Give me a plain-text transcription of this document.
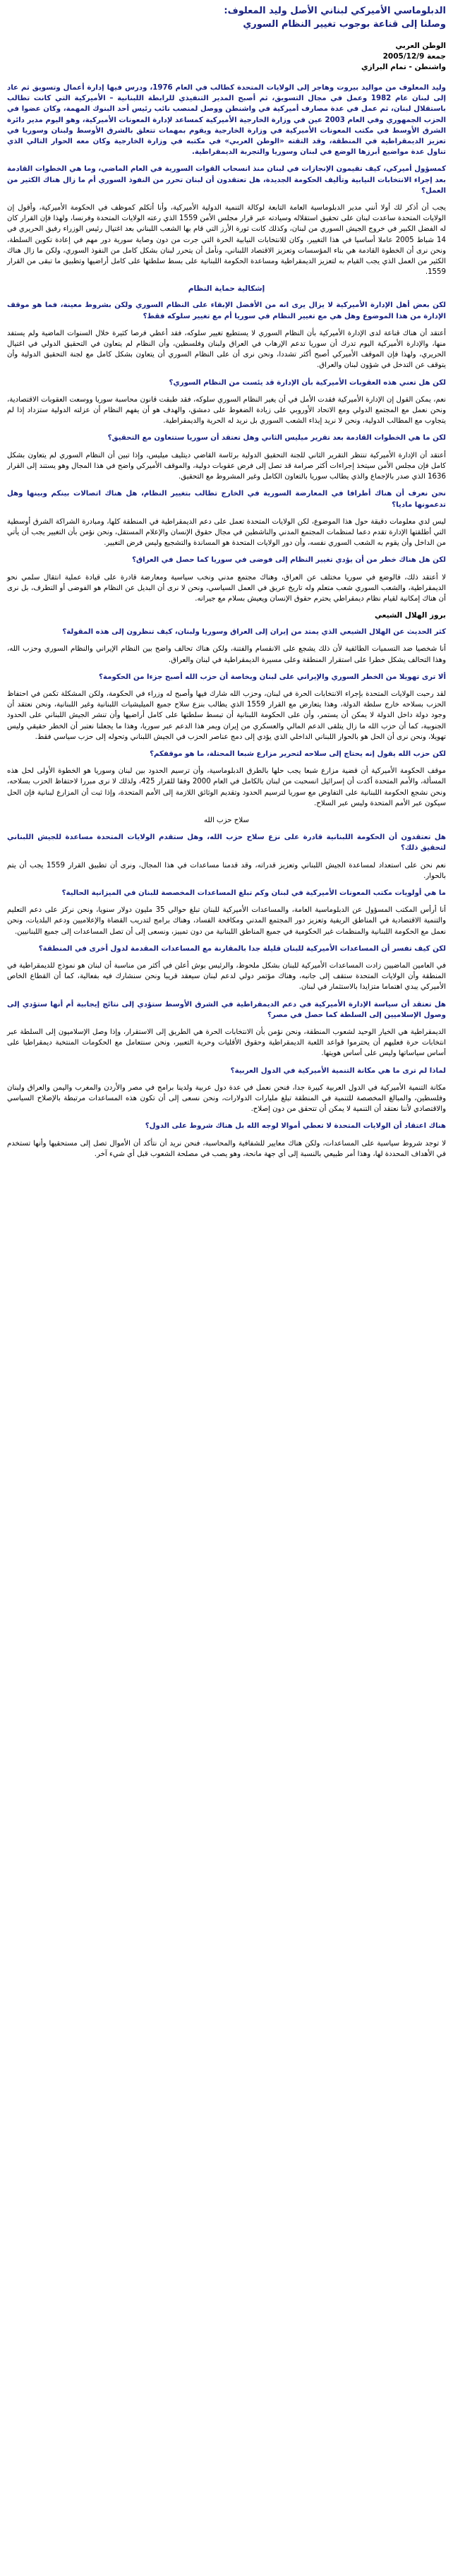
الدبلوماسي الأميركي لبناني الأصل وليد المعلوف:

وصلنا إلى قناعة بوجوب تغيير النظام السوري

الوطن العربي

جمعة 2005/12/9

واشنطن - تمام البرازي

وليد المعلوف من مواليد بيروت وهاجر إلى الولايات المتحدة كطالب في العام 1976، ودرس فيها إدارة أعمال وتسويق ثم عاد إلى لبنان عام 1982 وعمل في مجال التسويق، ثم أصبح المدير التنفيذي للرابطة اللبنانية – الأميركية التي كانت تطالب باستقلال لبنان، ثم عمل في عدة مصارف أميركية في واشنطن ووصل لمنصب نائب رئيس أحد البنوك المهمة، وكان عضوا في الحزب الجمهوري وفي العام 2003 عين في وزارة الخارجية الأميركية كمساعد لإدارة المعونات الأميركية، وهو اليوم مدير دائرة الشرق الأوسط في مكتب المعونات الأميركية في وزارة الخارجية ويقوم بمهمات تتعلق بالشرق الأوسط ولبنان وسوريا في تعزيز الديمقراطية في المنطقة، وقد التقته «الوطن العربي» في مكتبه في وزارة الخارجية وكان معه الحوار التالي الذي تناول عدة مواضيع أبرزها الوضع في لبنان وسوريا والتجربة الديمقراطية.

كمسؤول أميركي، كيف تقيمون الإنجازات في لبنان منذ انسحاب القوات السورية في العام الماضي، وما هي الخطوات القادمة بعد إجراء الانتخابات النيابية وتأليف الحكومة الجديدة، هل تعتقدون أن لبنان تحرر من النفوذ السوري أم ما زال هناك الكثير من العمل؟

يجب أن أذكر لك أولا أنني مدير الدبلوماسية العامة التابعة لوكالة التنمية الدولية الأميركية، وأنا أتكلم كموظف في الحكومة الأميركية، وأقول إن الولايات المتحدة ساعدت لبنان على تحقيق استقلاله وسيادته عبر قرار مجلس الأمن 1559 الذي رعته الولايات المتحدة وفرنسا، ولهذا فإن القرار كان له الفضل الكبير في خروج الجيش السوري من لبنان، وكذلك كانت ثورة الأرز التي قام بها الشعب اللبناني بعد اغتيال رئيس الوزراء رفيق الحريري في 14 شباط 2005 عاملا أساسيا في هذا التغيير، وكان للانتخابات النيابية الحرة التي جرت من دون وصاية سورية دور مهم في إعادة تكوين السلطة، ونحن نرى أن الخطوة القادمة هي بناء المؤسسات وتعزيز الاقتصاد اللبناني، ونأمل أن يتحرر لبنان بشكل كامل من النفوذ السوري، ولكن ما زال هناك الكثير من العمل الذي يجب القيام به لتعزيز الديمقراطية ومساعدة الحكومة اللبنانية على بسط سلطتها على كامل أراضيها وتطبيق ما تبقى من القرار 1559.

إشكالية حماية النظام

لكن بعض أهل الإدارة الأميركية لا يزال يرى انه من الأفضل الإبقاء على النظام السوري ولكن بشروط معينة، فما هو موقف الإدارة من هذا الموضوع وهل هي مع تغيير النظام في سوريا أم مع تغيير سلوكه فقط؟

أعتقد أن هناك قناعة لدى الإدارة الأميركية بأن النظام السوري لا يستطيع تغيير سلوكه، فقد أعطي فرصا كثيرة خلال السنوات الماضية ولم يستفد منها، والإدارة الأميركية اليوم تدرك أن سوريا تدعم الإرهاب في العراق ولبنان وفلسطين، وأن النظام لم يتعاون في التحقيق الدولي في اغتيال الحريري، ولهذا فإن الموقف الأميركي أصبح أكثر تشددا، ونحن نرى أن على النظام السوري أن يتعاون بشكل كامل مع لجنة التحقيق الدولية وأن يتوقف عن التدخل في شؤون لبنان والعراق.

لكن هل تعني هذه العقوبات الأميركية بأن الإدارة قد يئست من النظام السوري؟

نعم، يمكن القول إن الإدارة الأميركية فقدت الأمل في أن يغير النظام السوري سلوكه، فقد طبقت قانون محاسبة سوريا ووسعت العقوبات الاقتصادية، ونحن نعمل مع المجتمع الدولي ومع الاتحاد الأوروبي على زيادة الضغوط على دمشق، والهدف هو أن يفهم النظام أن عزلته الدولية ستزداد إذا لم يتجاوب مع المطالب الدولية، ونحن لا نريد إيذاء الشعب السوري بل نريد له الحرية والديمقراطية.

لكن ما هي الخطوات القادمة بعد تقرير ميليس الثاني وهل تعتقد أن سوريا ستتعاون مع التحقيق؟

أعتقد أن الإدارة الأميركية تنتظر التقرير الثاني للجنة التحقيق الدولية برئاسة القاضي ديتليف ميليس، وإذا تبين أن النظام السوري لم يتعاون بشكل كامل فإن مجلس الأمن سيتخذ إجراءات أكثر صرامة قد تصل إلى فرض عقوبات دولية، والموقف الأميركي واضح في هذا المجال وهو يستند إلى القرار 1636 الذي صدر بالإجماع والذي يطالب سوريا بالتعاون الكامل وغير المشروط مع التحقيق.

نحن نعرف أن هناك أطرافا في المعارضة السورية في الخارج تطالب بتغيير النظام، هل هناك اتصالات بينكم وبينها وهل تدعمونها ماديا؟

ليس لدي معلومات دقيقة حول هذا الموضوع، لكن الولايات المتحدة تعمل على دعم الديمقراطية في المنطقة كلها، ومبادرة الشراكة الشرق أوسطية التي أطلقتها الإدارة تقدم دعما لمنظمات المجتمع المدني والناشطين في مجال حقوق الإنسان والإعلام المستقل، ونحن نؤمن بأن التغيير يجب أن يأتي من الداخل وأن يقوم به الشعب السوري نفسه، وأن دور الولايات المتحدة هو المساندة والتشجيع وليس فرض التغيير.

لكن هل هناك خطر من أن يؤدي تغيير النظام إلى فوضى في سوريا كما حصل في العراق؟

لا أعتقد ذلك، فالوضع في سوريا مختلف عن العراق، وهناك مجتمع مدني ونخب سياسية ومعارضة قادرة على قيادة عملية انتقال سلمي نحو الديمقراطية، والشعب السوري شعب متعلم وله تاريخ عريق في العمل السياسي، ونحن لا نرى أن البديل عن النظام هو الفوضى أو التطرف، بل نرى أن هناك إمكانية لقيام نظام ديمقراطي يحترم حقوق الإنسان ويعيش بسلام مع جيرانه.

بروز الهلال الشيعي

كثر الحديث عن الهلال الشيعي الذي يمتد من إيران إلى العراق وسوريا ولبنان، كيف تنظرون إلى هذه المقولة؟

أنا شخصيا ضد التسميات الطائفية لأن ذلك يشجع على الانقسام والفتنة، ولكن هناك تحالف واضح بين النظام الإيراني والنظام السوري وحزب الله، وهذا التحالف يشكل خطرا على استقرار المنطقة وعلى مسيرة الديمقراطية في لبنان والعراق.

ألا ترى تهويلا من الخطر السوري والإيراني على لبنان وبخاصة أن حزب الله أصبح جزءا من الحكومة؟

لقد رحبت الولايات المتحدة بإجراء الانتخابات الحرة في لبنان، وحزب الله شارك فيها وأصبح له وزراء في الحكومة، ولكن المشكلة تكمن في احتفاظ الحزب بسلاحه خارج سلطة الدولة، وهذا يتعارض مع القرار 1559 الذي يطالب بنزع سلاح جميع الميليشيات اللبنانية وغير اللبنانية، ونحن نعتقد أن وجود دولة داخل الدولة لا يمكن أن يستمر، وأن على الحكومة اللبنانية أن تبسط سلطتها على كامل أراضيها وأن تنشر الجيش اللبناني على الحدود الجنوبية، كما أن حزب الله ما زال يتلقى الدعم المالي والعسكري من إيران ويمر هذا الدعم عبر سوريا، وهذا ما يجعلنا نعتبر أن الخطر حقيقي وليس تهويلا، ونحن نرى أن الحل هو بالحوار اللبناني الداخلي الذي يؤدي إلى دمج عناصر الحزب في الجيش اللبناني وتحوله إلى حزب سياسي فقط.

لكن حزب الله يقول إنه يحتاج إلى سلاحه لتحرير مزارع شبعا المحتلة، ما هو موقفكم؟

موقف الحكومة الأميركية أن قضية مزارع شبعا يجب حلها بالطرق الدبلوماسية، وأن ترسيم الحدود بين لبنان وسوريا هو الخطوة الأولى لحل هذه المسألة، والأمم المتحدة أكدت أن إسرائيل انسحبت من لبنان بالكامل في العام 2000 وفقا للقرار 425، ولذلك لا نرى مبررا لاحتفاظ الحزب بسلاحه، ونحن نشجع الحكومة اللبنانية على التفاوض مع سوريا لترسيم الحدود وتقديم الوثائق اللازمة إلى الأمم المتحدة، وإذا ثبت أن المزارع لبنانية فإن الحل سيكون عبر الأمم المتحدة وليس عبر السلاح.

سلاح حزب الله

هل تعتقدون أن الحكومة اللبنانية قادرة على نزع سلاح حزب الله، وهل ستقدم الولايات المتحدة مساعدة للجيش اللبناني لتحقيق ذلك؟

نعم نحن على استعداد لمساعدة الجيش اللبناني وتعزيز قدراته، وقد قدمنا مساعدات في هذا المجال، ونرى أن تطبيق القرار 1559 يجب أن يتم بالحوار.

ما هي أولويات مكتب المعونات الأميركية في لبنان وكم تبلغ المساعدات المخصصة للبنان في الميزانية الحالية؟

أنا أرأس المكتب المسؤول عن الدبلوماسية العامة، والمساعدات الأميركية للبنان تبلغ حوالي 35 مليون دولار سنويا، ونحن نركز على دعم التعليم والتنمية الاقتصادية في المناطق الريفية وتعزيز دور المجتمع المدني ومكافحة الفساد، وهناك برامج لتدريب القضاة والإعلاميين ودعم البلديات، ونحن نعمل مع الحكومة اللبنانية والمنظمات غير الحكومية في جميع المناطق اللبنانية من دون تمييز، ونسعى إلى أن تصل المساعدات إلى جميع اللبنانيين.

لكن كيف تفسر أن المساعدات الأميركية للبنان قليلة جدا بالمقارنة مع المساعدات المقدمة لدول أخرى في المنطقة؟

في العامين الماضيين زادت المساعدات الأميركية للبنان بشكل ملحوظ، والرئيس بوش أعلن في أكثر من مناسبة أن لبنان هو نموذج للديمقراطية في المنطقة وأن الولايات المتحدة ستقف إلى جانبه، وهناك مؤتمر دولي لدعم لبنان سيعقد قريبا ونحن سنشارك فيه بفعالية، كما أن القطاع الخاص الأميركي يبدي اهتماما متزايدا بالاستثمار في لبنان.

هل تعتقد أن سياسة الإدارة الأميركية في دعم الديمقراطية في الشرق الأوسط ستؤدي إلى نتائج إيجابية أم أنها ستؤدي إلى وصول الإسلاميين إلى السلطة كما حصل في مصر؟

الديمقراطية هي الخيار الوحيد لشعوب المنطقة، ونحن نؤمن بأن الانتخابات الحرة هي الطريق إلى الاستقرار، وإذا وصل الإسلاميون إلى السلطة عبر انتخابات حرة فعليهم أن يحترموا قواعد اللعبة الديمقراطية وحقوق الأقليات وحرية التعبير، ونحن سنتعامل مع الحكومات المنتخبة ديمقراطيا على أساس سياساتها وليس على أساس هويتها.

لماذا لم ترى ما هي مكانة التنمية الأميركية في الدول العربية؟

مكانة التنمية الأميركية في الدول العربية كبيرة جدا، فنحن نعمل في عدة دول عربية ولدينا برامج في مصر والأردن والمغرب واليمن والعراق ولبنان وفلسطين، والمبالغ المخصصة للتنمية في المنطقة تبلغ مليارات الدولارات، ونحن نسعى إلى أن تكون هذه المساعدات مرتبطة بالإصلاح السياسي والاقتصادي لأننا نعتقد أن التنمية لا يمكن أن تتحقق من دون إصلاح.

هناك اعتقاد أن الولايات المتحدة لا تعطي أموالا لوجه الله بل هناك شروط على الدول؟

لا توجد شروط سياسية على المساعدات، ولكن هناك معايير للشفافية والمحاسبة، فنحن نريد أن نتأكد أن الأموال تصل إلى مستحقيها وأنها تستخدم في الأهداف المحددة لها، وهذا أمر طبيعي بالنسبة إلى أي جهة مانحة، وهو يصب في مصلحة الشعوب قبل أي شيء آخر.
